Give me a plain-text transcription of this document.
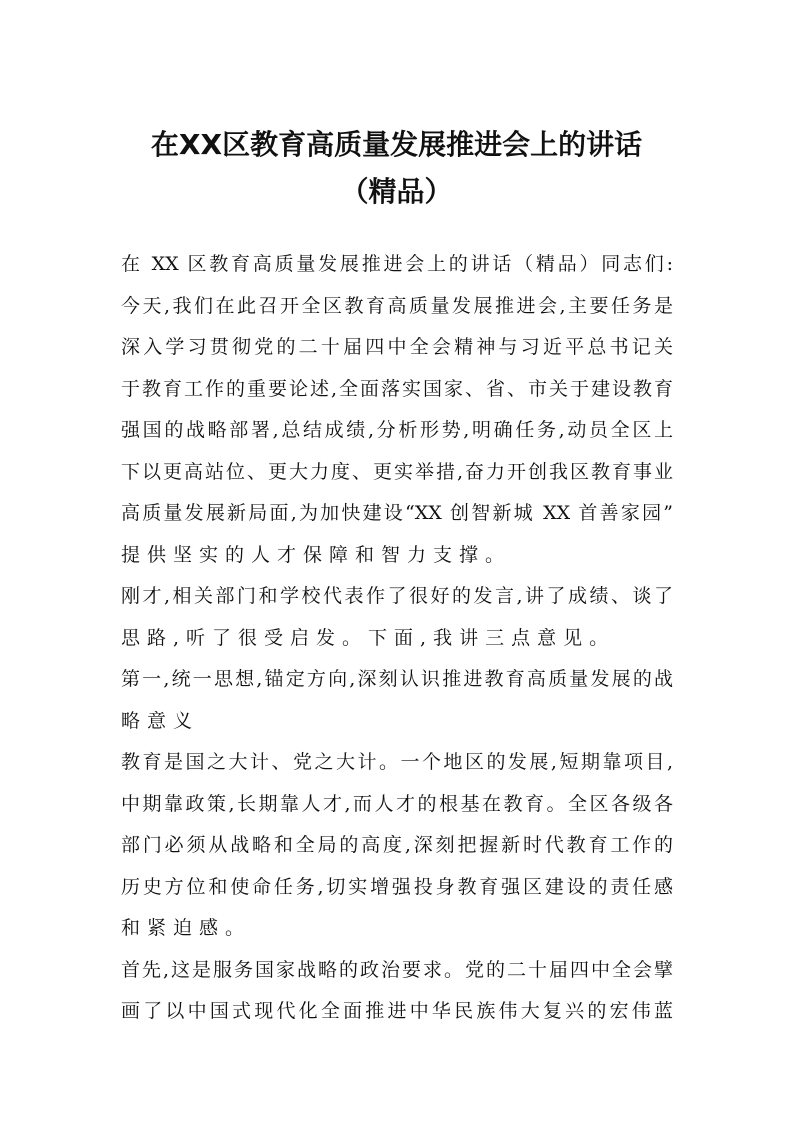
在XX区教育高质量发展推进会上的讲话
（精品）
在 XX 区教育高质量发展推进会上的讲话（精品）同志们:
今天,我们在此召开全区教育高质量发展推进会,主要任务是
深入学习贯彻党的二十届四中全会精神与习近平总书记关
于教育工作的重要论述,全面落实国家、省、市关于建设教育
强国的战略部署,总结成绩,分析形势,明确任务,动员全区上
下以更高站位、更大力度、更实举措,奋力开创我区教育事业
高质量发展新局面,为加快建设“XX 创智新城 XX 首善家园”
提供坚实的人才保障和智力支撑。
刚才,相关部门和学校代表作了很好的发言,讲了成绩、谈了
思路,听了很受启发。下面,我讲三点意见。
第一,统一思想,锚定方向,深刻认识推进教育高质量发展的战
略意义
教育是国之大计、党之大计。一个地区的发展,短期靠项目,
中期靠政策,长期靠人才,而人才的根基在教育。全区各级各
部门必须从战略和全局的高度,深刻把握新时代教育工作的
历史方位和使命任务,切实增强投身教育强区建设的责任感
和紧迫感。
首先,这是服务国家战略的政治要求。党的二十届四中全会擘
画了以中国式现代化全面推进中华民族伟大复兴的宏伟蓝
